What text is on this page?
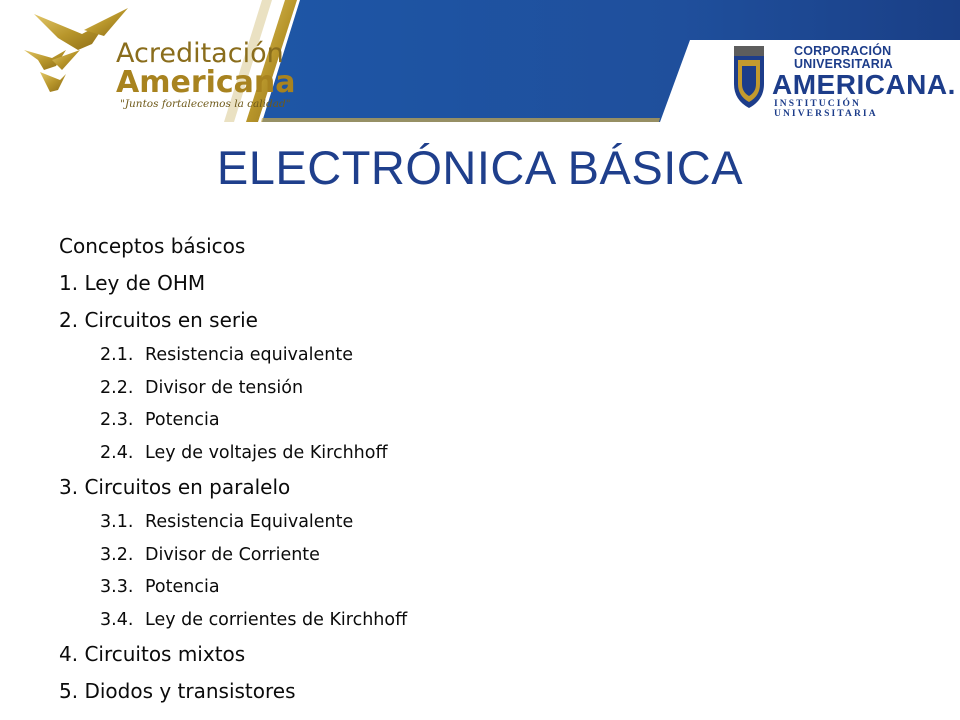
Acreditación
Americana
"Juntos fortalecemos la calidad"
CORPORACIÓN UNIVERSITARIA
AMERICANA.
INSTITUCIÓN UNIVERSITARIA
ELECTRÓNICA BÁSICA
Conceptos básicos
1. Ley de OHM
2. Circuitos en serie
2.1. Resistencia equivalente
2.2. Divisor de tensión
2.3. Potencia
2.4. Ley de voltajes de Kirchhoff
3. Circuitos en paralelo
3.1. Resistencia Equivalente
3.2. Divisor de Corriente
3.3. Potencia
3.4. Ley de corrientes de Kirchhoff
4. Circuitos mixtos
5. Diodos y transistores
